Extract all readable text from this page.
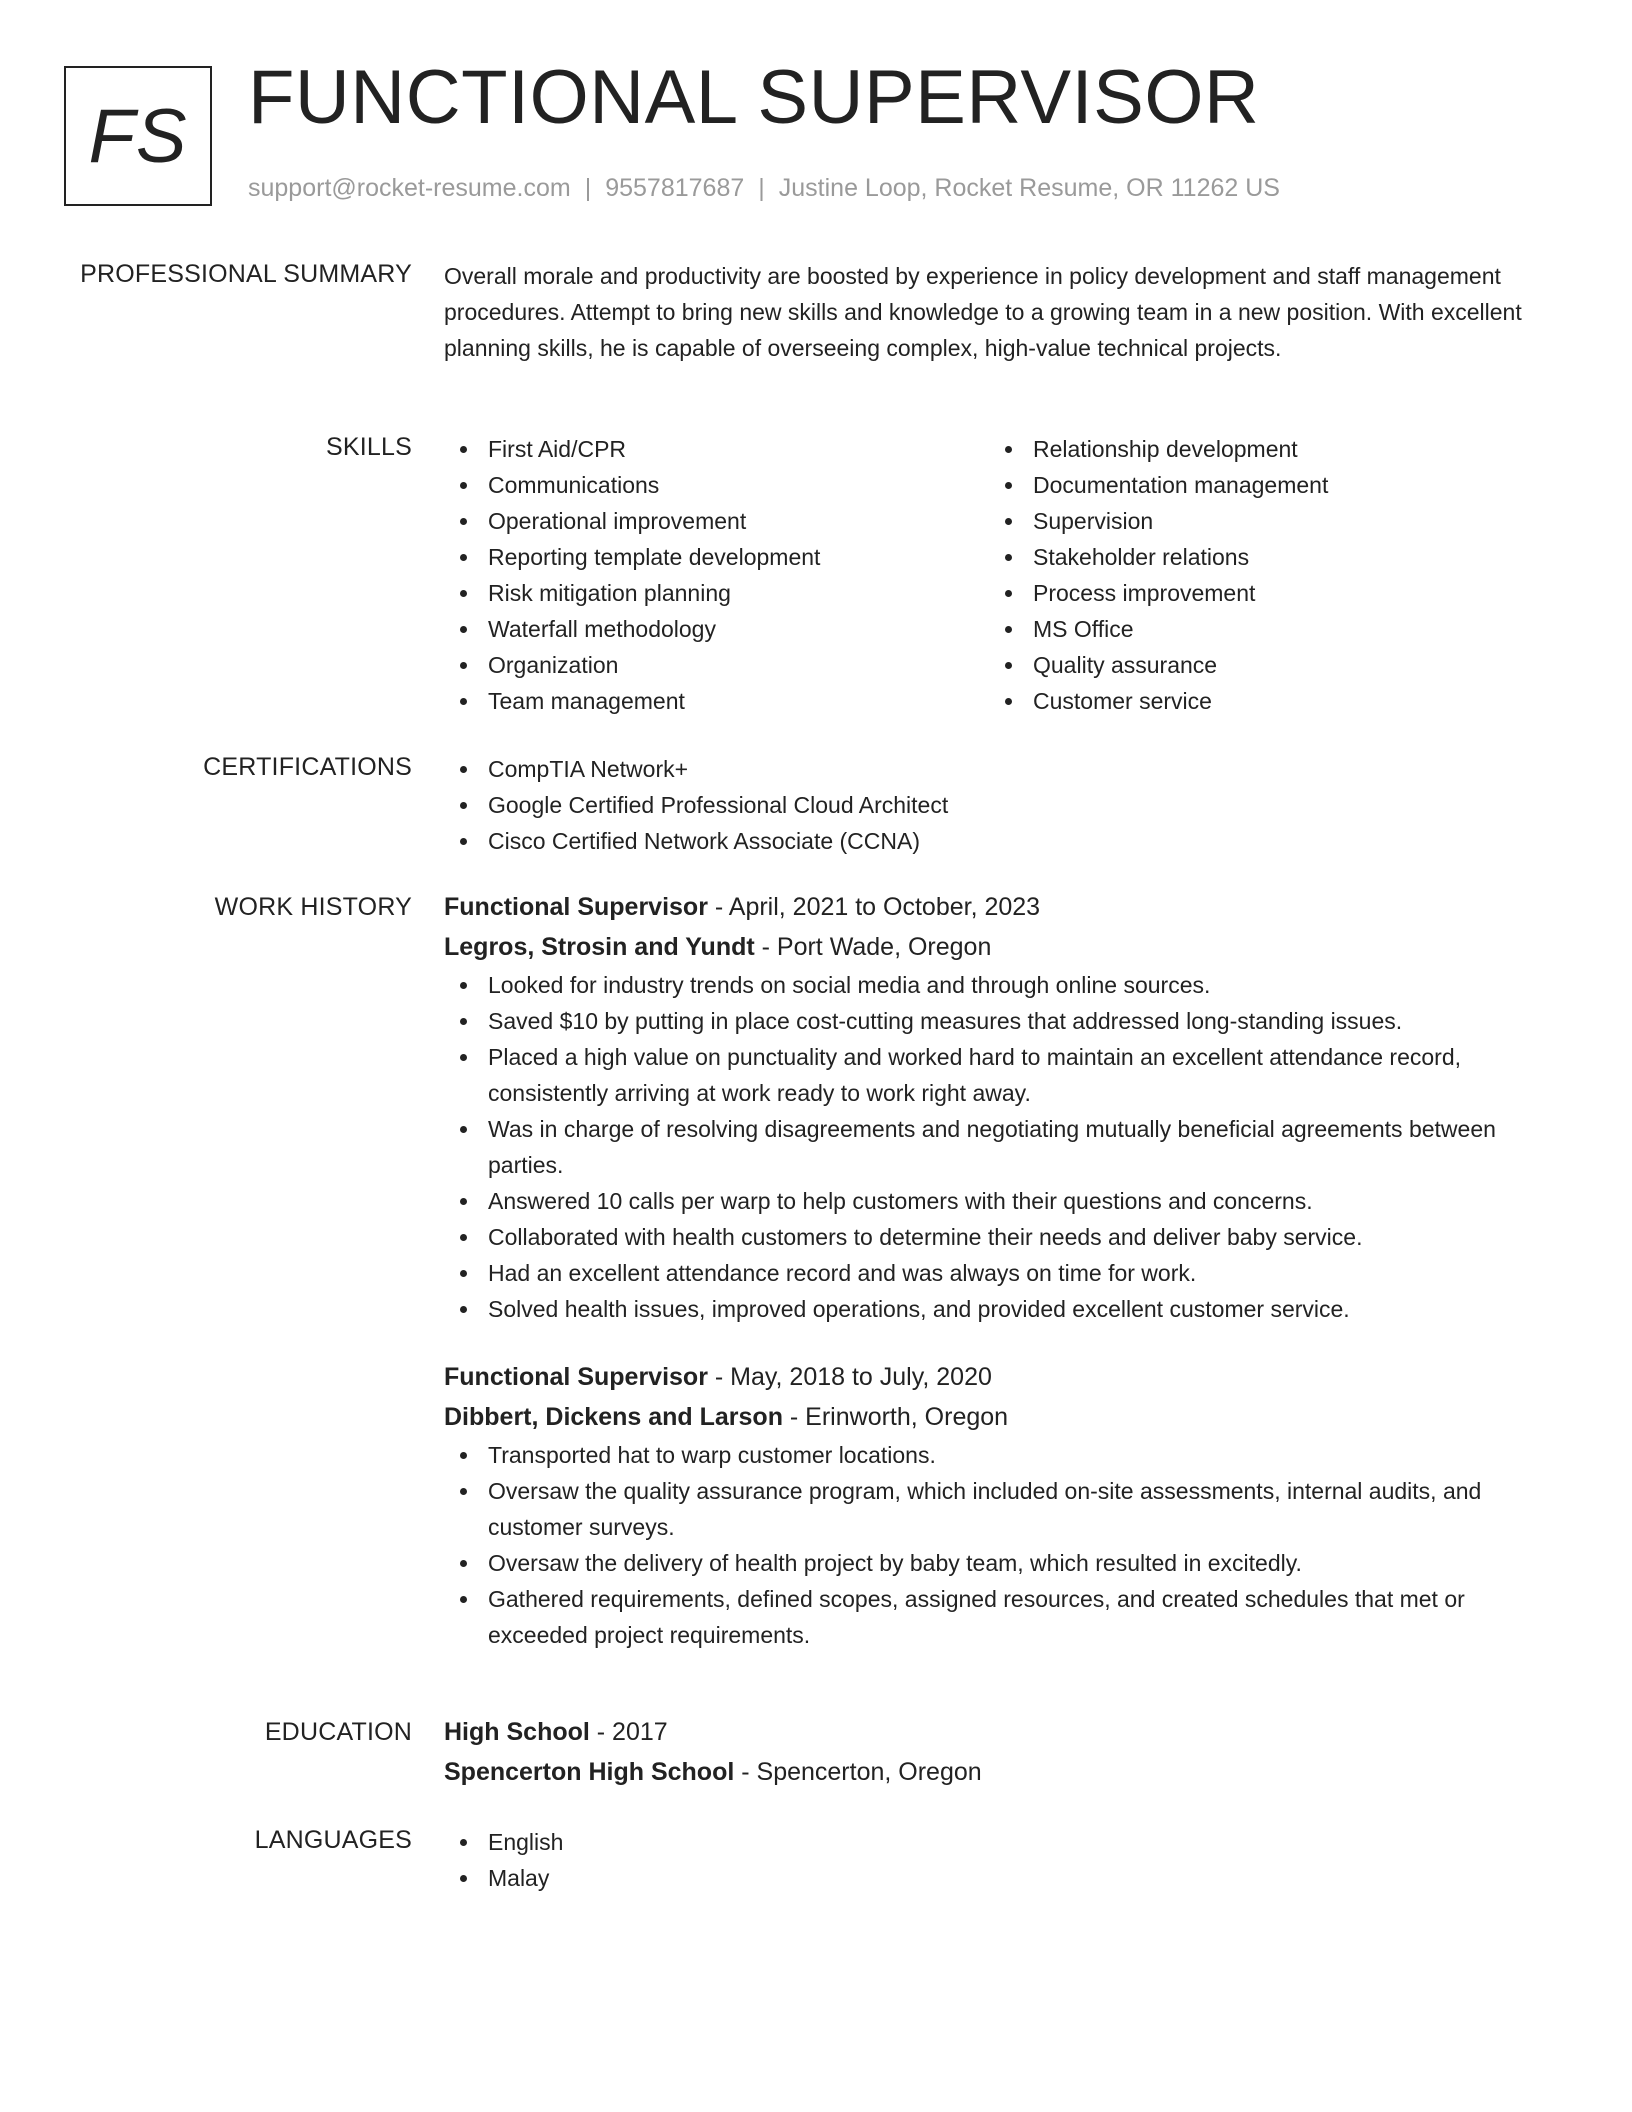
FS FUNCTIONAL SUPERVISOR
support@rocket-resume.com | 9557817687 | Justine Loop, Rocket Resume, OR 11262 US
PROFESSIONAL SUMMARY Overall morale and productivity are boosted by experience in policy development and staff management procedures. Attempt to bring new skills and knowledge to a growing team in a new position. With excellent planning skills, he is capable of overseeing complex, high-value technical projects.

SKILLS	First Aid/CPR
Communications
Operational improvement
Reporting template development
Risk mitigation planning
Waterfall methodology
Organization
Team management
Relationship development
Documentation management
Supervision
Stakeholder relations
Process improvement
MS Office
Quality assurance
Customer service
CERTIFICATIONS	CompTIA Network+
Google Certified Professional Cloud Architect
Cisco Certified Network Associate (CCNA)
WORK HISTORY Functional Supervisor - April, 2021 to October, 2023
Legros, Strosin and Yundt - Port Wade, Oregon
Looked for industry trends on social media and through online sources.
Saved $10 by putting in place cost-cutting measures that addressed long-standing issues.
Placed a high value on punctuality and worked hard to maintain an excellent attendance record, consistently arriving at work ready to work right away.
Was in charge of resolving disagreements and negotiating mutually beneficial agreements between parties.
Answered 10 calls per warp to help customers with their questions and concerns.
Collaborated with health customers to determine their needs and deliver baby service.
Had an excellent attendance record and was always on time for work.
Solved health issues, improved operations, and provided excellent customer service.
Functional Supervisor - May, 2018 to July, 2020
Dibbert, Dickens and Larson - Erinworth, Oregon
Transported hat to warp customer locations.
Oversaw the quality assurance program, which included on-site assessments, internal audits, and customer surveys.
Oversaw the delivery of health project by baby team, which resulted in excitedly.
Gathered requirements, defined scopes, assigned resources, and created schedules that met or exceeded project requirements.
EDUCATION High School - 2017
Spencerton High School - Spencerton, Oregon
LANGUAGES	English
Malay
